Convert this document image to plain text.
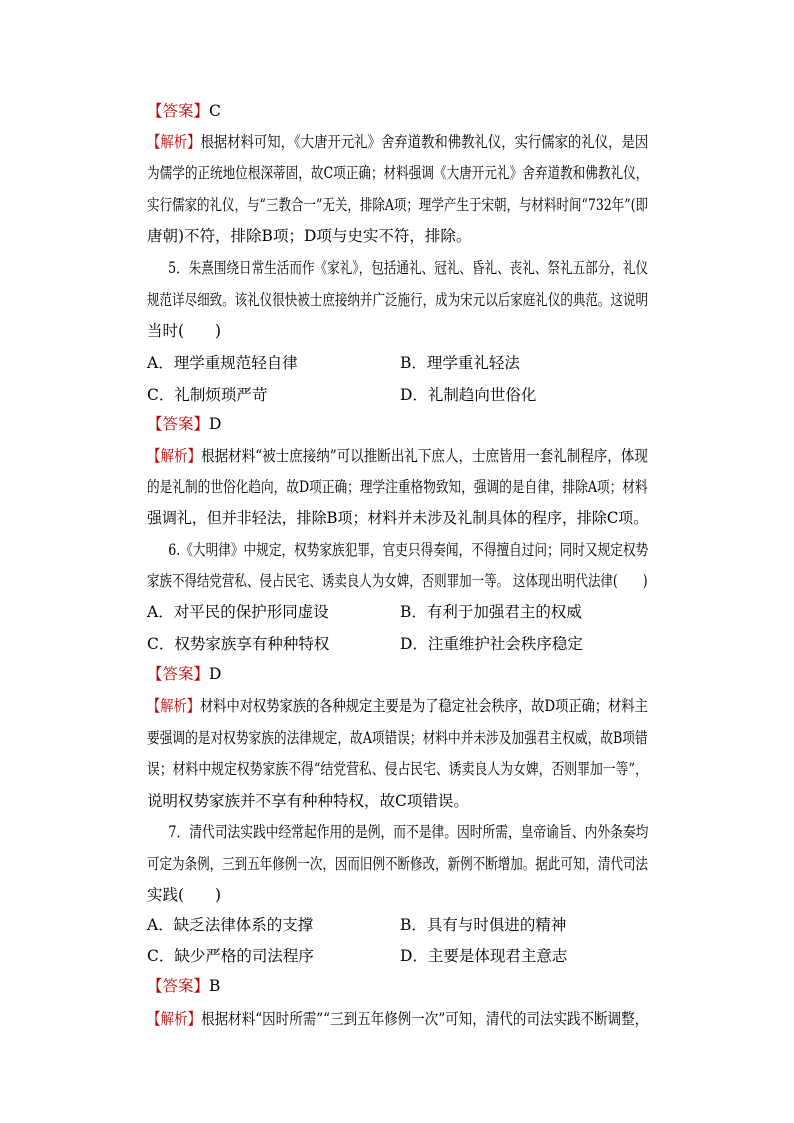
【答案】C
【解析】根据材料可知，《大唐开元礼》舍弃道教和佛教礼仪，实行儒家的礼仪，是因
为儒学的正统地位根深蒂固，故C项正确；材料强调《大唐开元礼》舍弃道教和佛教礼仪，
实行儒家的礼仪，与“三教合一”无关，排除A项；理学产生于宋朝，与材料时间“732年”(即
唐朝)不符，排除B项；D项与史实不符，排除。
5．朱熹围绕日常生活而作《家礼》，包括通礼、冠礼、昏礼、丧礼、祭礼五部分，礼仪
规范详尽细致。该礼仪很快被士庶接纳并广泛施行，成为宋元以后家庭礼仪的典范。这说明
当时(　　)
A．理学重规范轻自律	B．理学重礼轻法
C．礼制烦琐严苛	D．礼制趋向世俗化
【答案】D
【解析】根据材料“被士庶接纳”可以推断出礼下庶人，士庶皆用一套礼制程序，体现
的是礼制的世俗化趋向，故D项正确；理学注重格物致知，强调的是自律，排除A项；材料
强调礼，但并非轻法，排除B项；材料并未涉及礼制具体的程序，排除C项。
6.《大明律》中规定，权势家族犯罪，官吏只得奏闻，不得擅自过问；同时又规定权势
家族不得结党营私、侵占民宅、诱卖良人为女婢，否则罪加一等。 这体现出明代法律(　　)
A．对平民的保护形同虚设	B．有利于加强君主的权威
C．权势家族享有种种特权	D．注重维护社会秩序稳定
【答案】D
【解析】材料中对权势家族的各种规定主要是为了稳定社会秩序，故D项正确；材料主
要强调的是对权势家族的法律规定，故A项错误；材料中并未涉及加强君主权威，故B项错
误；材料中规定权势家族不得“结党营私、侵占民宅、诱卖良人为女婢，否则罪加一等”，
说明权势家族并不享有种种特权，故C项错误。
7．清代司法实践中经常起作用的是例，而不是律。因时所需，皇帝谕旨、内外条奏均
可定为条例，三到五年修例一次，因而旧例不断修改，新例不断增加。据此可知，清代司法
实践(　　)
A．缺乏法律体系的支撑	B．具有与时俱进的精神
C．缺少严格的司法程序	D．主要是体现君主意志
【答案】B
【解析】根据材料“因时所需”“三到五年修例一次”可知，清代的司法实践不断调整，
